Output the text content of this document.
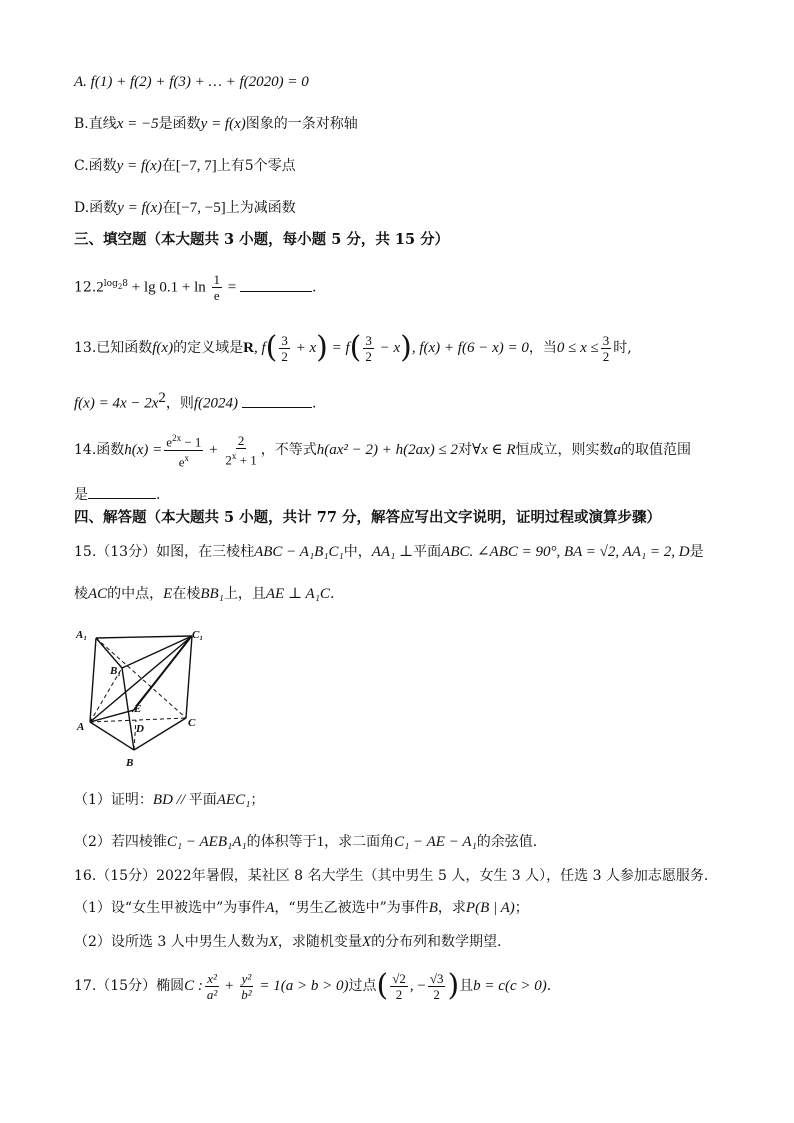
A. f(1) + f(2) + f(3) + … + f(2020) = 0
B.直线x = −5是函数y = f(x)图象的一条对称轴
C.函数y = f(x)在[−7, 7]上有5个零点
D.函数y = f(x)在[−7, −5]上为减函数
三、填空题（本大题共 3 小题，每小题 5 分，共 15 分）
$12.2^{log_28} + \lg 0.1 + \ln \frac{1}{e}$ =	.
13.已知函数f(x)的定义域是R, $f( \frac{3}{2} + x) = f( \frac{3}{2} - x)$, f(x) + f(6 − x) = 0，当$0 \le x \le \frac{3}{2}$ 时,
$f(x) = 4x - 2x^2$，则f(2024)	.
14.函数$h(x) = \frac{e^{2x} - 1}{e^x} + \frac{2}{2^x + 1}$ ，不等式h(ax² − 2) + h(2ax) ≤ 2对∀x ∈ R恒成立，则实数a的取值范围
是	.
四、解答题（本大题共 5 小题，共计 77 分，解答应写出文字说明，证明过程或演算步骤）
15.（13分）如图，在三棱柱ABC − A₁B₁C₁中，AA₁ ⊥平面ABC. ∠ABC = 90°, BA = √2, AA₁ = 2, D是
棱AC的中点，E在棱BB₁上，且AE ⊥ A₁C.
A₁	C₁
B₁
E
A	D	C
B
（1）证明：BD // 平面AEC₁；
（2）若四棱锥C₁ − AEB₁A₁的体积等于1，求二面角C₁ − AE − A₁的余弦值.
16.（15分）2022年暑假，某社区 8 名大学生（其中男生 5 人，女生 3 人），任选 3 人参加志愿服务.
（1）设“女生甲被选中”为事件A，“男生乙被选中”为事件B，求P(B | A)；
（2）设所选 3 人中男生人数为X，求随机变量X的分布列和数学期望.
17.（15分）椭圆C : $\frac{\text{x²}}{\text{a²}} + \frac{\text{y²}}{\text{b²}} = 1(a > b > 0)$过点( $\frac{√2}{2}$ , − $\frac{√3}{2}$ )且b = c(c > 0).
